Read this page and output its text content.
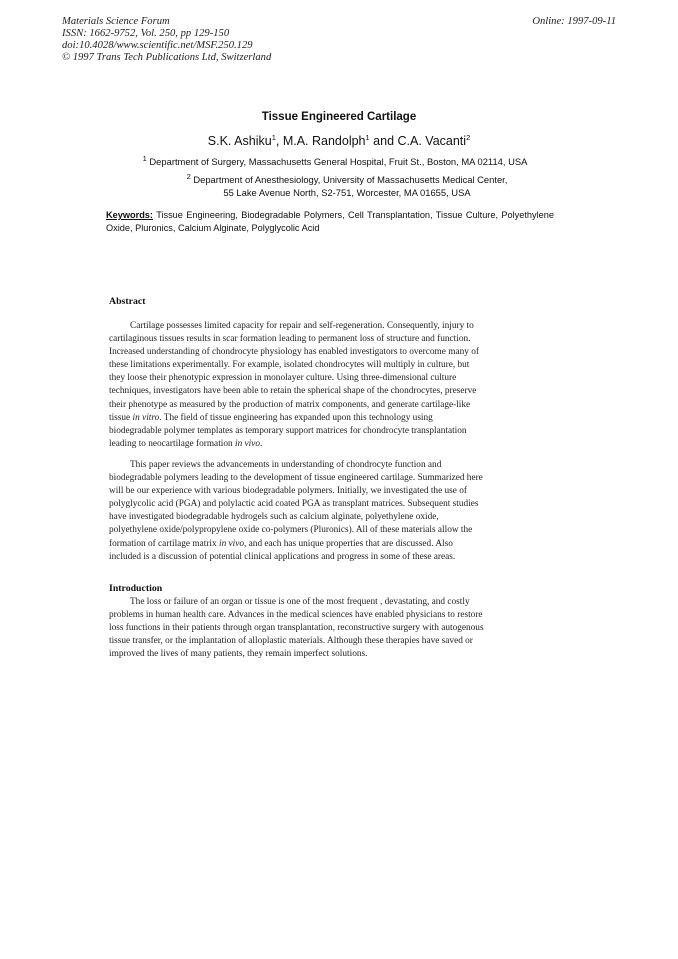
Materials Science Forum
ISSN: 1662-9752, Vol. 250, pp 129-150
doi:10.4028/www.scientific.net/MSF.250.129
© 1997 Trans Tech Publications Ltd, Switzerland
Online: 1997-09-11
Tissue Engineered Cartilage
S.K. Ashiku$^1$, M.A. Randolph$^1$ and C.A. Vacanti$^2$
$^1$ Department of Surgery, Massachusetts General Hospital, Fruit St., Boston, MA 02114, USA
$^2$ Department of Anesthesiology, University of Massachusetts Medical Center,
55 Lake Avenue North, S2-751, Worcester, MA 01655, USA
Keywords: Tissue Engineering, Biodegradable Polymers, Cell Transplantation, Tissue Culture, Polyethylene Oxide, Pluronics, Calcium Alginate, Polyglycolic Acid
Abstract
Cartilage possesses limited capacity for repair and self-regeneration. Consequently, injury to
cartilaginous tissues results in scar formation leading to permanent loss of structure and function.
Increased understanding of chondrocyte physiology has enabled investigators to overcome many of
these limitations experimentally. For example, isolated chondrocytes will multiply in culture, but
they loose their phenotypic expression in monolayer culture. Using three-dimensional culture
techniques, investigators have been able to retain the spherical shape of the chondrocytes, preserve
their phenotype as measured by the production of matrix components, and generate cartilage-like
tissue in vitro. The field of tissue engineering has expanded upon this technology using
biodegradable polymer templates as temporary support matrices for chondrocyte transplantation
leading to neocartilage formation in vivo.
This paper reviews the advancements in understanding of chondrocyte function and
biodegradable polymers leading to the development of tissue engineered cartilage. Summarized here
will be our experience with various biodegradable polymers. Initially, we investigated the use of
polyglycolic acid (PGA) and polylactic acid coated PGA as transplant matrices. Subsequent studies
have investigated biodegradable hydrogels such as calcium alginate, polyethylene oxide,
polyethylene oxide/polypropylene oxide co-polymers (Pluronics). All of these materials allow the
formation of cartilage matrix in vivo, and each has unique properties that are discussed. Also
included is a discussion of potential clinical applications and progress in some of these areas.
Introduction
The loss or failure of an organ or tissue is one of the most frequent , devastating, and costly
problems in human health care. Advances in the medical sciences have enabled physicians to restore
loss functions in their patients through organ transplantation, reconstructive surgery with autogenous
tissue transfer, or the implantation of alloplastic materials. Although these therapies have saved or
improved the lives of many patients, they remain imperfect solutions.
